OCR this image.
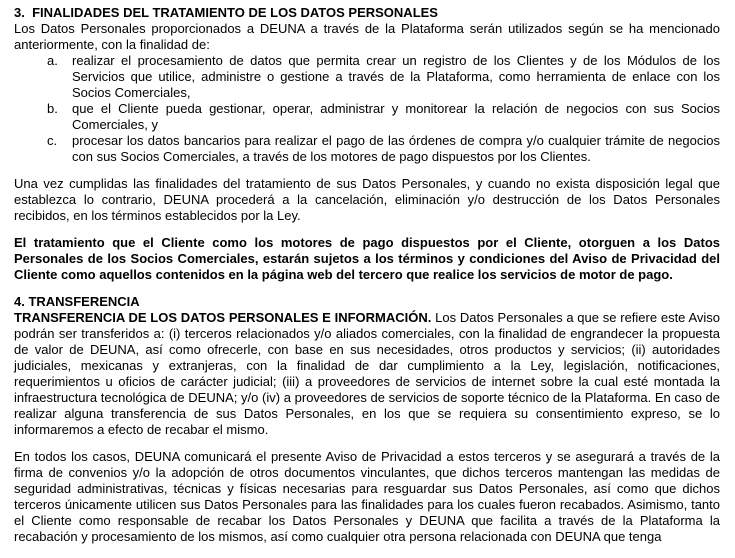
3.  FINALIDADES DEL TRATAMIENTO DE LOS DATOS PERSONALES
Los Datos Personales proporcionados a DEUNA a través de la Plataforma serán utilizados según se ha mencionado anteriormente, con la finalidad de:
a. realizar el procesamiento de datos que permita crear un registro de los Clientes y de los Módulos de los Servicios que utilice, administre o gestione a través de la Plataforma, como herramienta de enlace con los Socios Comerciales,
b. que el Cliente pueda gestionar, operar, administrar y monitorear la relación de negocios con sus Socios Comerciales, y
c. procesar los datos bancarios para realizar el pago de las órdenes de compra y/o cualquier trámite de negocios con sus Socios Comerciales, a través de los motores de pago dispuestos por los Clientes.

Una vez cumplidas las finalidades del tratamiento de sus Datos Personales, y cuando no exista disposición legal que establezca lo contrario, DEUNA procederá a la cancelación, eliminación y/o destrucción de los Datos Personales recibidos, en los términos establecidos por la Ley.

El tratamiento que el Cliente como los motores de pago dispuestos por el Cliente, otorguen a los Datos Personales de los Socios Comerciales, estarán sujetos a los términos y condiciones del Aviso de Privacidad del Cliente como aquellos contenidos en la página web del tercero que realice los servicios de motor de pago.

4. TRANSFERENCIA
TRANSFERENCIA DE LOS DATOS PERSONALES E INFORMACIÓN. Los Datos Personales a que se refiere este Aviso podrán ser transferidos a: (i) terceros relacionados y/o aliados comerciales, con la finalidad de engrandecer la propuesta de valor de DEUNA, así como ofrecerle, con base en sus necesidades, otros productos y servicios; (ii) autoridades judiciales, mexicanas y extranjeras, con la finalidad de dar cumplimiento a la Ley, legislación, notificaciones, requerimientos u oficios de carácter judicial; (iii) a proveedores de servicios de internet sobre la cual esté montada la infraestructura tecnológica de DEUNA; y/o (iv) a proveedores de servicios de soporte técnico de la Plataforma. En caso de realizar alguna transferencia de sus Datos Personales, en los que se requiera su consentimiento expreso, se lo informaremos a efecto de recabar el mismo.

En todos los casos, DEUNA comunicará el presente Aviso de Privacidad a estos terceros y se asegurará a través de la firma de convenios y/o la adopción de otros documentos vinculantes, que dichos terceros mantengan las medidas de seguridad administrativas, técnicas y físicas necesarias para resguardar sus Datos Personales, así como que dichos terceros únicamente utilicen sus Datos Personales para las finalidades para los cuales fueron recabados. Asimismo, tanto el Cliente como responsable de recabar los Datos Personales y DEUNA que facilita a través de la Plataforma la recabación y procesamiento de los mismos, así como cualquier otra persona relacionada con DEUNA que tenga
